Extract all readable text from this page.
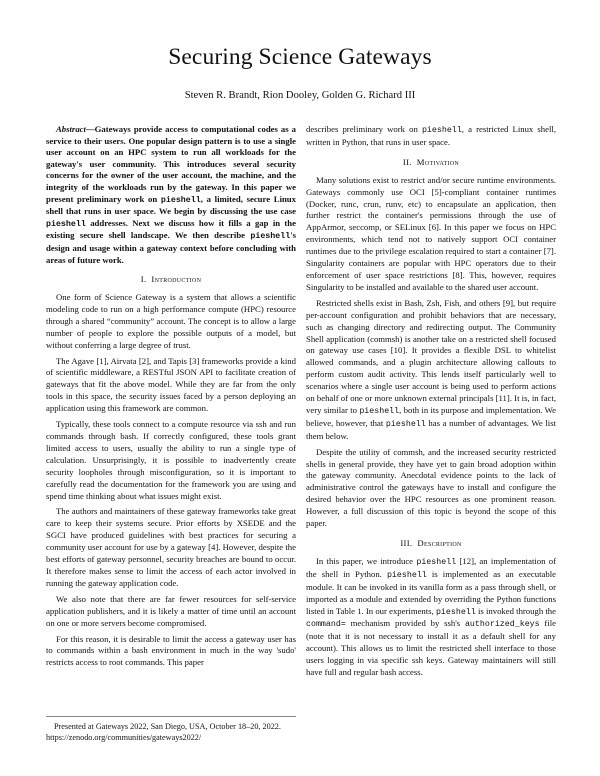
Securing Science Gateways
Steven R. Brandt, Rion Dooley, Golden G. Richard III

Abstract—Gateways provide access to computational codes as a service to their users. One popular design pattern is to use a single user account on an HPC system to run all workloads for the gateway's user community. This introduces several security concerns for the owner of the user account, the machine, and the integrity of the workloads run by the gateway. In this paper we present preliminary work on pieshell, a limited, secure Linux shell that runs in user space. We begin by discussing the use case pieshell addresses. Next we discuss how it fills a gap in the existing secure shell landscape. We then describe pieshell's design and usage within a gateway context before concluding with areas of future work.

I. Introduction

One form of Science Gateway is a system that allows a scientific modeling code to run on a high performance compute (HPC) resource through a shared “community” account. The concept is to allow a large number of people to explore the possible outputs of a model, but without conferring a large degree of trust.

The Agave [1], Airvata [2], and Tapis [3] frameworks provide a kind of scientific middleware, a RESTful JSON API to facilitate creation of gateways that fit the above model. While they are far from the only tools in this space, the security issues faced by a person deploying an application using this framework are common.

Typically, these tools connect to a compute resource via ssh and run commands through bash. If correctly configured, these tools grant limited access to users, usually the ability to run a single type of calculation. Unsurprisingly, it is possible to inadvertently create security loopholes through misconfiguration, so it is important to carefully read the documentation for the framework you are using and spend time thinking about what issues might exist.

The authors and maintainers of these gateway frameworks take great care to keep their systems secure. Prior efforts by XSEDE and the SGCI have produced guidelines with best practices for securing a community user account for use by a gateway [4]. However, despite the best efforts of gateway personnel, security breaches are bound to occur. It therefore makes sense to limit the access of each actor involved in running the gateway application code.

We also note that there are far fewer resources for self-service application publishers, and it is likely a matter of time until an account on one or more servers become compromised.

For this reason, it is desirable to limit the access a gateway user has to commands within a bash environment in much in the way 'sudo' restricts access to root commands. This paper

Presented at Gateways 2022, San Diego, USA, October 18–20, 2022. https://zenodo.org/communities/gateways2022/

describes preliminary work on pieshell, a restricted Linux shell, written in Python, that runs in user space.

II. Motivation

Many solutions exist to restrict and/or secure runtime environments. Gateways commonly use OCI [5]-compliant container runtimes (Docker, runc, crun, runv, etc) to encapsulate an application, then further restrict the container's permissions through the use of AppArmor, seccomp, or SELinux [6]. In this paper we focus on HPC environments, which tend not to natively support OCI container runtimes due to the privilege escalation required to start a container [7]. Singularity containers are popular with HPC operators due to their enforcement of user space restrictions [8]. This, however, requires Singularity to be installed and available to the shared user account.

Restricted shells exist in Bash, Zsh, Fish, and others [9], but require per-account configuration and prohibit behaviors that are necessary, such as changing directory and redirecting output. The Community Shell application (commsh) is another take on a restricted shell focused on gateway use cases [10]. It provides a flexible DSL to whitelist allowed commands, and a plugin architecture allowing callouts to perform custom audit activity. This lends itself particularly well to scenarios where a single user account is being used to perform actions on behalf of one or more unknown external principals [11]. It is, in fact, very similar to pieshell, both in its purpose and implementation. We believe, however, that pieshell has a number of advantages. We list them below.

Despite the utility of commsh, and the increased security restricted shells in general provide, they have yet to gain broad adoption within the gateway community. Anecdotal evidence points to the lack of administrative control the gateways have to install and configure the desired behavior over the HPC resources as one prominent reason. However, a full discussion of this topic is beyond the scope of this paper.

III. Description

In this paper, we introduce pieshell [12], an implementation of the shell in Python. pieshell is implemented as an executable module. It can be invoked in its vanilla form as a pass through shell, or imported as a module and extended by overriding the Python functions listed in Table 1. In our experiments, pieshell is invoked through the command= mechanism provided by ssh's authorized_keys file (note that it is not necessary to install it as a default shell for any account). This allows us to limit the restricted shell interface to those users logging in via specific ssh keys. Gateway maintainers will still have full and regular bash access.
